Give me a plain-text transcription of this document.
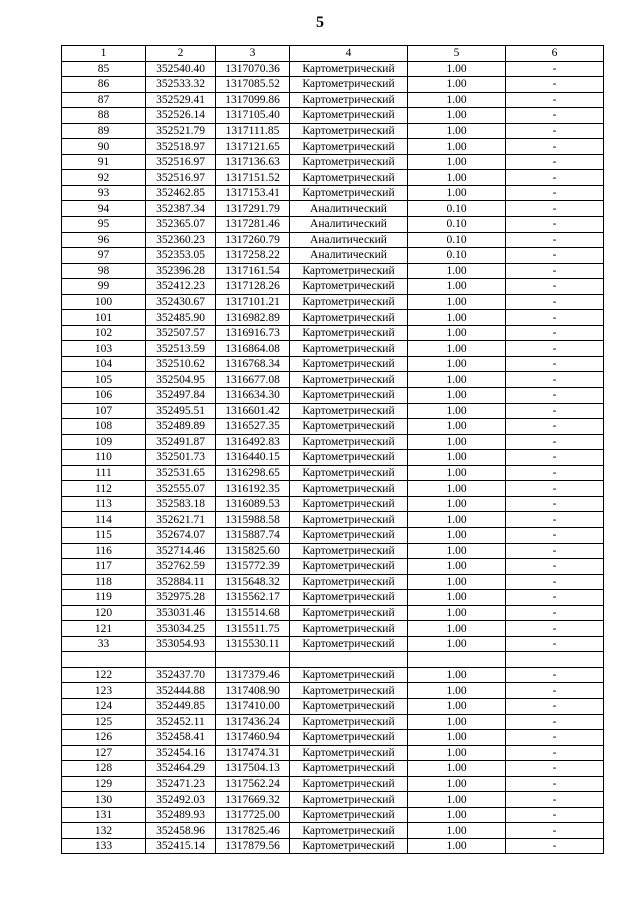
5
1	2	3	4	5	6
85	352540.40	1317070.36	Картометрический	1.00	-
86	352533.32	1317085.52	Картометрический	1.00	-
87	352529.41	1317099.86	Картометрический	1.00	-
88	352526.14	1317105.40	Картометрический	1.00	-
89	352521.79	1317111.85	Картометрический	1.00	-
90	352518.97	1317121.65	Картометрический	1.00	-
91	352516.97	1317136.63	Картометрический	1.00	-
92	352516.97	1317151.52	Картометрический	1.00	-
93	352462.85	1317153.41	Картометрический	1.00	-
94	352387.34	1317291.79	Аналитический	0.10	-
95	352365.07	1317281.46	Аналитический	0.10	-
96	352360.23	1317260.79	Аналитический	0.10	-
97	352353.05	1317258.22	Аналитический	0.10	-
98	352396.28	1317161.54	Картометрический	1.00	-
99	352412.23	1317128.26	Картометрический	1.00	-
100	352430.67	1317101.21	Картометрический	1.00	-
101	352485.90	1316982.89	Картометрический	1.00	-
102	352507.57	1316916.73	Картометрический	1.00	-
103	352513.59	1316864.08	Картометрический	1.00	-
104	352510.62	1316768.34	Картометрический	1.00	-
105	352504.95	1316677.08	Картометрический	1.00	-
106	352497.84	1316634.30	Картометрический	1.00	-
107	352495.51	1316601.42	Картометрический	1.00	-
108	352489.89	1316527.35	Картометрический	1.00	-
109	352491.87	1316492.83	Картометрический	1.00	-
110	352501.73	1316440.15	Картометрический	1.00	-
111	352531.65	1316298.65	Картометрический	1.00	-
112	352555.07	1316192.35	Картометрический	1.00	-
113	352583.18	1316089.53	Картометрический	1.00	-
114	352621.71	1315988.58	Картометрический	1.00	-
115	352674.07	1315887.74	Картометрический	1.00	-
116	352714.46	1315825.60	Картометрический	1.00	-
117	352762.59	1315772.39	Картометрический	1.00	-
118	352884.11	1315648.32	Картометрический	1.00	-
119	352975.28	1315562.17	Картометрический	1.00	-
120	353031.46	1315514.68	Картометрический	1.00	-
121	353034.25	1315511.75	Картометрический	1.00	-
33	353054.93	1315530.11	Картометрический	1.00	-

122	352437.70	1317379.46	Картометрический	1.00	-
123	352444.88	1317408.90	Картометрический	1.00	-
124	352449.85	1317410.00	Картометрический	1.00	-
125	352452.11	1317436.24	Картометрический	1.00	-
126	352458.41	1317460.94	Картометрический	1.00	-
127	352454.16	1317474.31	Картометрический	1.00	-
128	352464.29	1317504.13	Картометрический	1.00	-
129	352471.23	1317562.24	Картометрический	1.00	-
130	352492.03	1317669.32	Картометрический	1.00	-
131	352489.93	1317725.00	Картометрический	1.00	-
132	352458.96	1317825.46	Картометрический	1.00	-
133	352415.14	1317879.56	Картометрический	1.00	-
